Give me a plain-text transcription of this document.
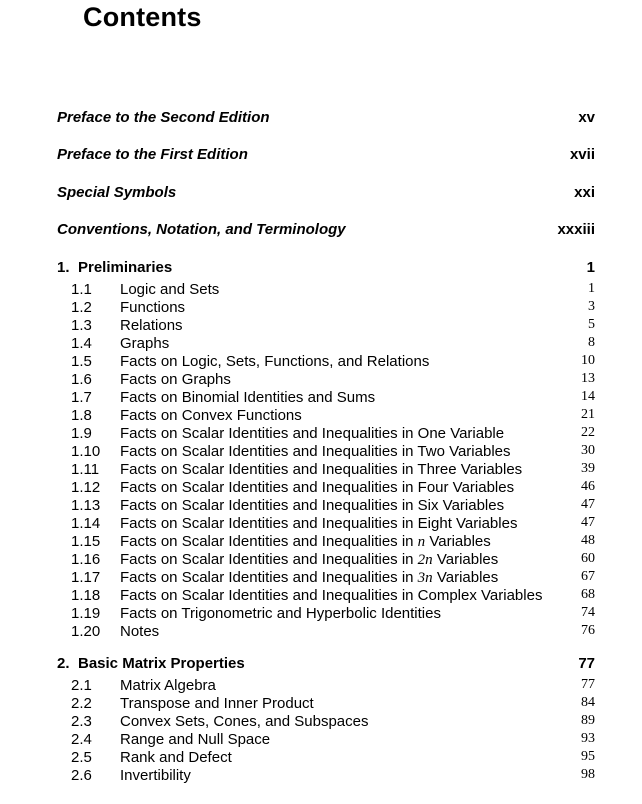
Contents
Preface to the Second Edition	xv
Preface to the First Edition	xvii
Special Symbols	xxi
Conventions, Notation, and Terminology	xxxiii
1. Preliminaries	1
1.1 Logic and Sets	1
1.2 Functions	3
1.3 Relations	5
1.4 Graphs	8
1.5 Facts on Logic, Sets, Functions, and Relations	10
1.6 Facts on Graphs	13
1.7 Facts on Binomial Identities and Sums	14
1.8 Facts on Convex Functions	21
1.9 Facts on Scalar Identities and Inequalities in One Variable	22
1.10 Facts on Scalar Identities and Inequalities in Two Variables	30
1.11 Facts on Scalar Identities and Inequalities in Three Variables	39
1.12 Facts on Scalar Identities and Inequalities in Four Variables	46
1.13 Facts on Scalar Identities and Inequalities in Six Variables	47
1.14 Facts on Scalar Identities and Inequalities in Eight Variables	47
1.15 Facts on Scalar Identities and Inequalities in n Variables	48
1.16 Facts on Scalar Identities and Inequalities in 2n Variables	60
1.17 Facts on Scalar Identities and Inequalities in 3n Variables	67
1.18 Facts on Scalar Identities and Inequalities in Complex Variables	68
1.19 Facts on Trigonometric and Hyperbolic Identities	74
1.20 Notes	76
2. Basic Matrix Properties	77
2.1 Matrix Algebra	77
2.2 Transpose and Inner Product	84
2.3 Convex Sets, Cones, and Subspaces	89
2.4 Range and Null Space	93
2.5 Rank and Defect	95
2.6 Invertibility	98
